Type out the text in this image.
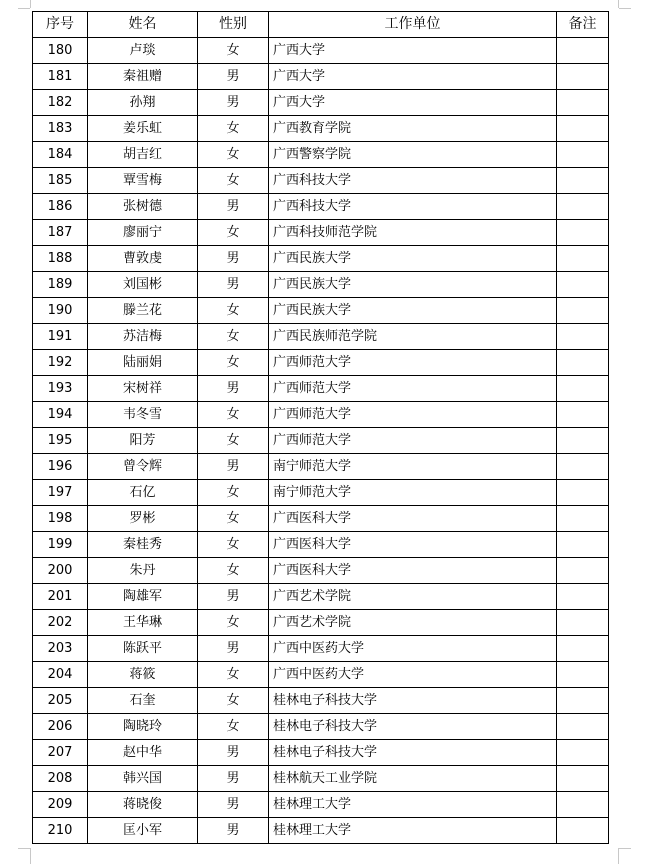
序号	姓名	性别	工作单位	备注
180	卢琰	女	广西大学	
181	秦祖赠	男	广西大学	
182	孙翔	男	广西大学	
183	姜乐虹	女	广西教育学院	
184	胡吉红	女	广西警察学院	
185	覃雪梅	女	广西科技大学	
186	张树德	男	广西科技大学	
187	廖丽宁	女	广西科技师范学院	
188	曹敦虔	男	广西民族大学	
189	刘国彬	男	广西民族大学	
190	滕兰花	女	广西民族大学	
191	苏洁梅	女	广西民族师范学院	
192	陆丽娟	女	广西师范大学	
193	宋树祥	男	广西师范大学	
194	韦冬雪	女	广西师范大学	
195	阳芳	女	广西师范大学	
196	曾令辉	男	南宁师范大学	
197	石亿	女	南宁师范大学	
198	罗彬	女	广西医科大学	
199	秦桂秀	女	广西医科大学	
200	朱丹	女	广西医科大学	
201	陶雄军	男	广西艺术学院	
202	王华琳	女	广西艺术学院	
203	陈跃平	男	广西中医药大学	
204	蒋筱	女	广西中医药大学	
205	石奎	女	桂林电子科技大学	
206	陶晓玲	女	桂林电子科技大学	
207	赵中华	男	桂林电子科技大学	
208	韩兴国	男	桂林航天工业学院	
209	蒋晓俊	男	桂林理工大学	
210	匡小军	男	桂林理工大学	
